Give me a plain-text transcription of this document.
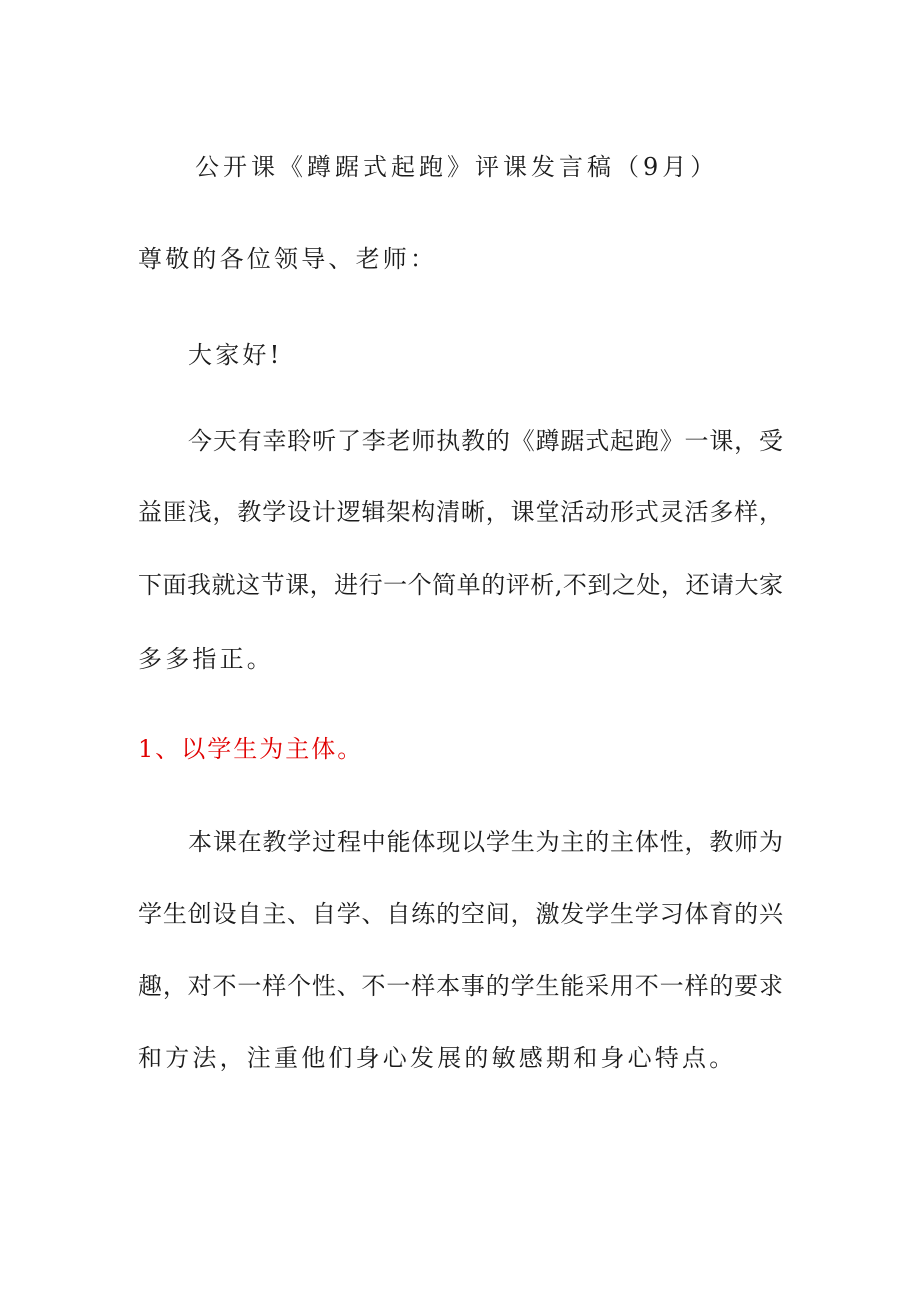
公开课《蹲踞式起跑》评课发言稿（9月）
尊敬的各位领导、老师：
大家好!
今天有幸聆听了李老师执教的《蹲踞式起跑》一课，受
益匪浅，教学设计逻辑架构清晰，课堂活动形式灵活多样，
下面我就这节课，进行一个简单的评析,不到之处，还请大家
多多指正。
1、以学生为主体。
本课在教学过程中能体现以学生为主的主体性，教师为
学生创设自主、自学、自练的空间，激发学生学习体育的兴
趣，对不一样个性、不一样本事的学生能采用不一样的要求
和方法，注重他们身心发展的敏感期和身心特点。
